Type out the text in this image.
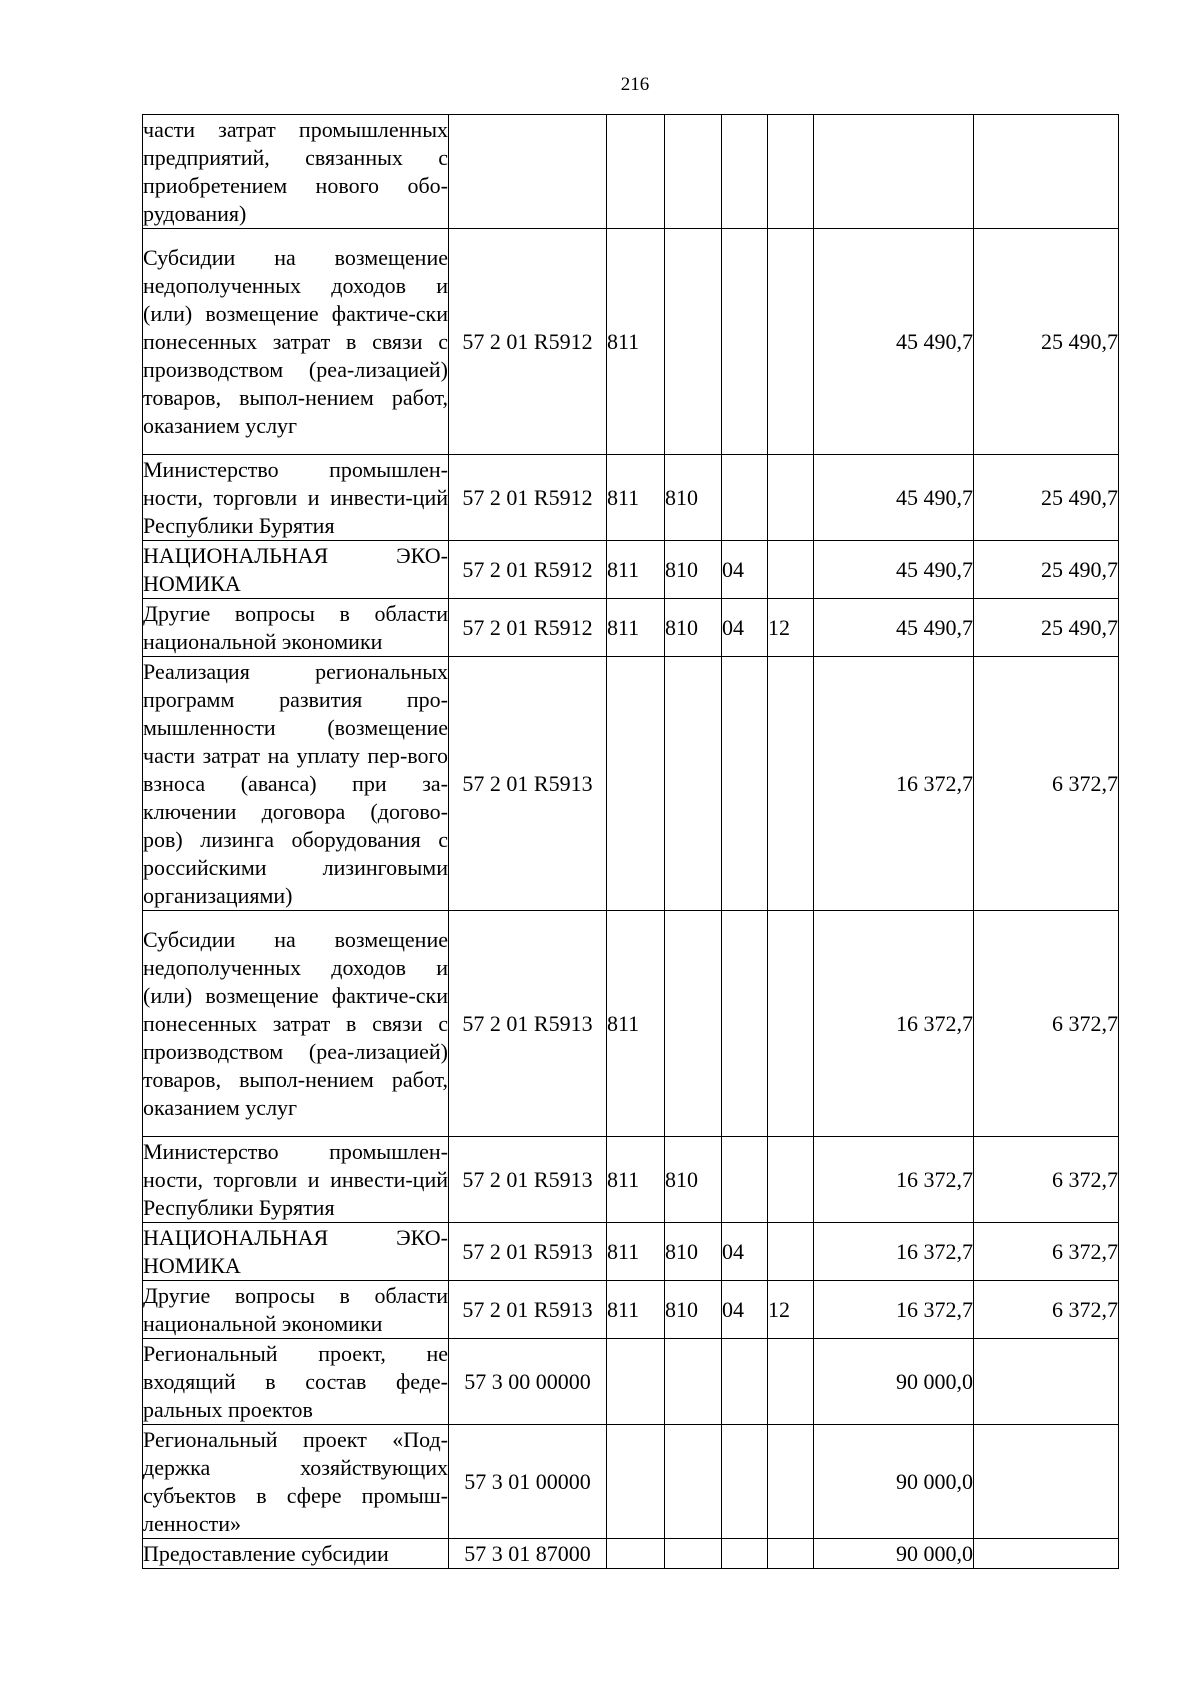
216
части затрат промышленных предприятий, связанных с приобретением нового обо-рудования)							
Субсидии на возмещение недополученных доходов и (или) возмещение фактиче-ски понесенных затрат в связи с производством (реа-лизацией) товаров, выпол-нением работ, оказанием услуг	57 2 01 R5912	811				45 490,7	25 490,7
Министерство промышлен-ности, торговли и инвести-ций Республики Бурятия	57 2 01 R5912	811	810			45 490,7	25 490,7
НАЦИОНАЛЬНАЯ ЭКО-НОМИКА	57 2 01 R5912	811	810	04		45 490,7	25 490,7
Другие вопросы в области национальной экономики	57 2 01 R5912	811	810	04	12	45 490,7	25 490,7
Реализация региональных программ развития про-мышленности (возмещение части затрат на уплату пер-вого взноса (аванса) при за-ключении договора (догово-ров) лизинга оборудования с российскими лизинговыми организациями)	57 2 01 R5913					16 372,7	6 372,7
Субсидии на возмещение недополученных доходов и (или) возмещение фактиче-ски понесенных затрат в связи с производством (реа-лизацией) товаров, выпол-нением работ, оказанием услуг	57 2 01 R5913	811				16 372,7	6 372,7
Министерство промышлен-ности, торговли и инвести-ций Республики Бурятия	57 2 01 R5913	811	810			16 372,7	6 372,7
НАЦИОНАЛЬНАЯ ЭКО-НОМИКА	57 2 01 R5913	811	810	04		16 372,7	6 372,7
Другие вопросы в области национальной экономики	57 2 01 R5913	811	810	04	12	16 372,7	6 372,7
Региональный проект, не входящий в состав феде-ральных проектов	57 3 00 00000					90 000,0	
Региональный проект «Под-держка хозяйствующих субъектов в сфере промыш-ленности»	57 3 01 00000					90 000,0	
Предоставление субсидии	57 3 01 87000					90 000,0	
